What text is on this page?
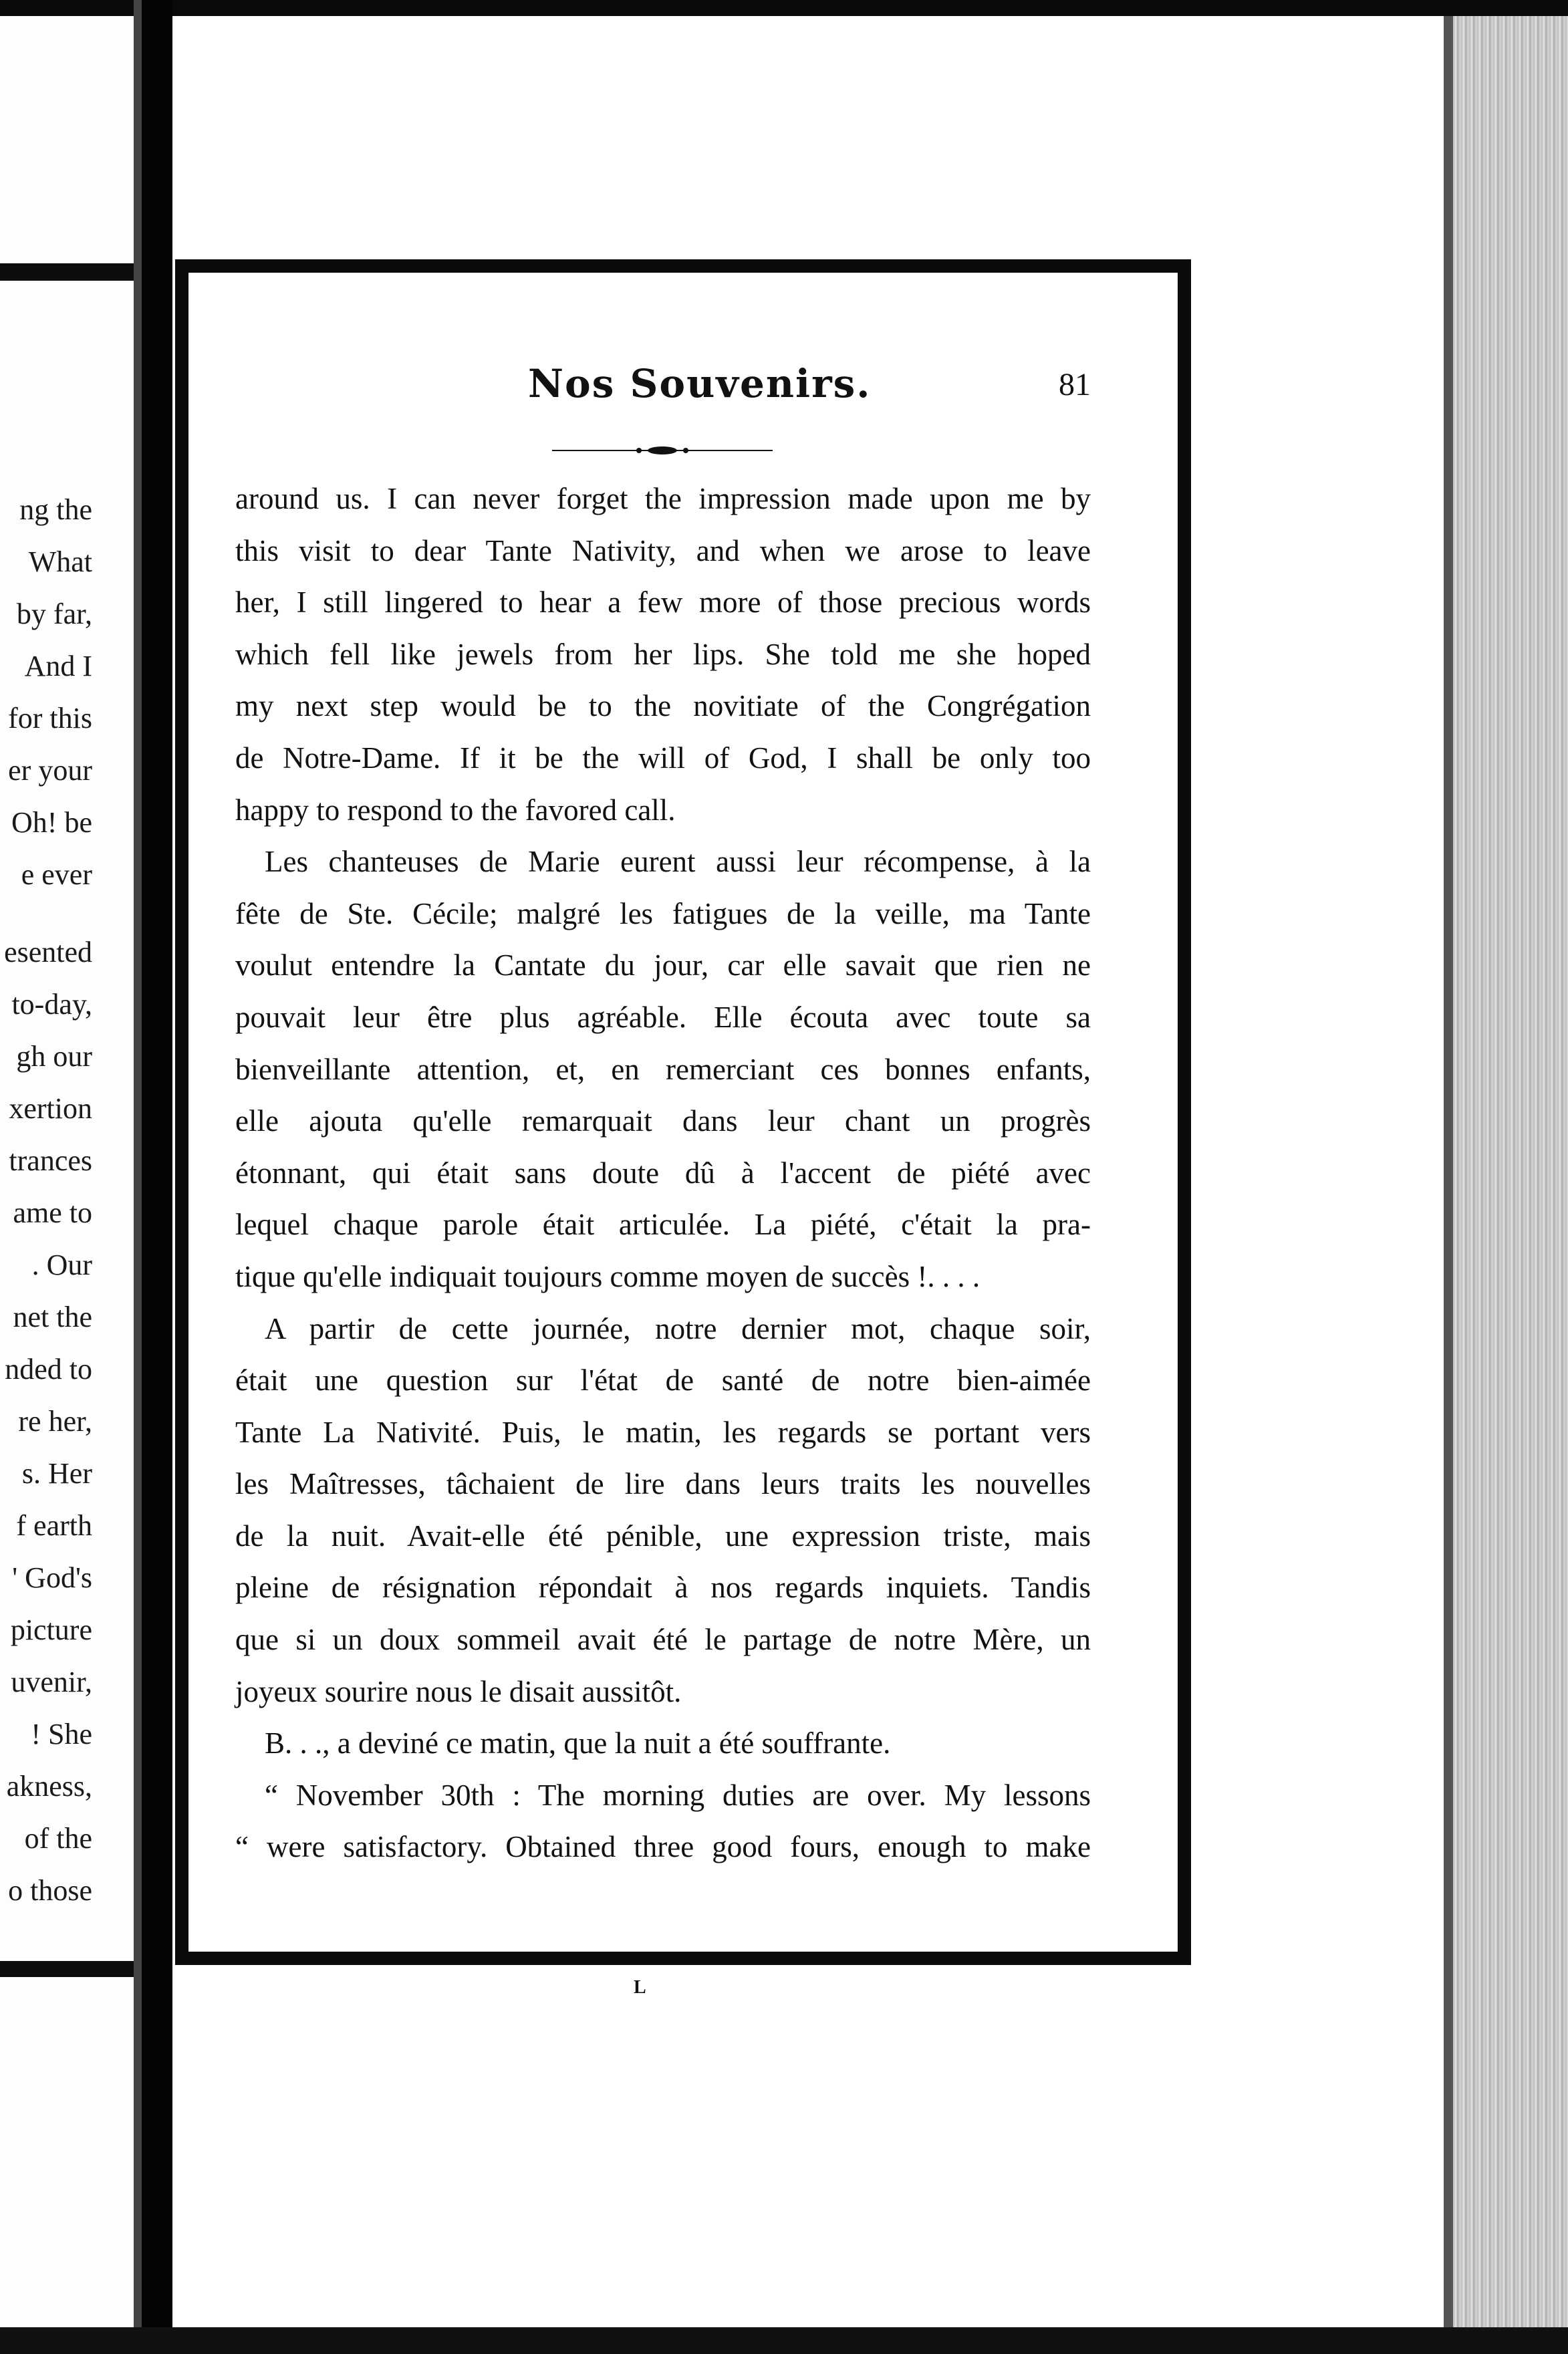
ng the
What
by far,
And I
for this
er your
Oh! be
e ever
esented
to-day,
gh our
xertion
trances
ame to
. Our
net the
nded to
re her,
s. Her
f earth
' God's
picture
uvenir,
! She
akness,
of the
o those
Nos Souvenirs.	81
around us. I can never forget the impression made upon me by
this visit to dear Tante Nativity, and when we arose to leave
her, I still lingered to hear a few more of those precious words
which fell like jewels from her lips. She told me she hoped
my next step would be to the novitiate of the Congrégation
de Notre-Dame. If it be the will of God, I shall be only too
happy to respond to the favored call.
Les chanteuses de Marie eurent aussi leur récompense, à la
fête de Ste. Cécile; malgré les fatigues de la veille, ma Tante
voulut entendre la Cantate du jour, car elle savait que rien ne
pouvait leur être plus agréable. Elle écouta avec toute sa
bienveillante attention, et, en remerciant ces bonnes enfants,
elle ajouta qu'elle remarquait dans leur chant un progrès
étonnant, qui était sans doute dû à l'accent de piété avec
lequel chaque parole était articulée. La piété, c'était la pra-
tique qu'elle indiquait toujours comme moyen de succès !. . . .
A partir de cette journée, notre dernier mot, chaque soir,
était une question sur l'état de santé de notre bien-aimée
Tante La Nativité. Puis, le matin, les regards se portant vers
les Maîtresses, tâchaient de lire dans leurs traits les nouvelles
de la nuit. Avait-elle été pénible, une expression triste, mais
pleine de résignation répondait à nos regards inquiets. Tandis
que si un doux sommeil avait été le partage de notre Mère, un
joyeux sourire nous le disait aussitôt.
B. . ., a deviné ce matin, que la nuit a été souffrante.
“ November 30th : The morning duties are over. My lessons
“ were satisfactory. Obtained three good fours, enough to make
L
